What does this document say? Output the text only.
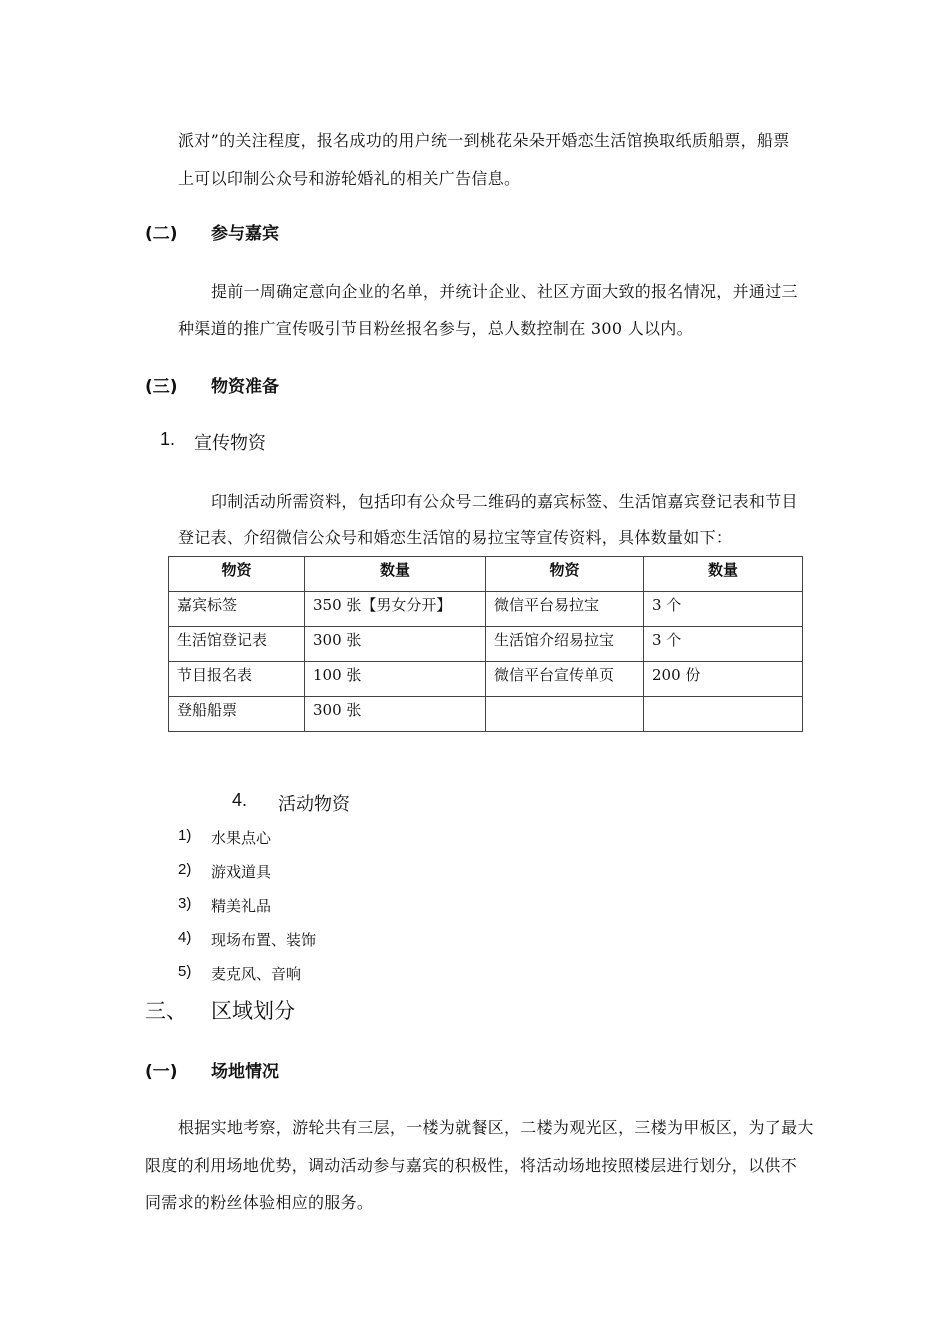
派对”的关注程度，报名成功的用户统一到桃花朵朵开婚恋生活馆换取纸质船票，船票
上可以印制公众号和游轮婚礼的相关广告信息。
(二) 参与嘉宾
提前一周确定意向企业的名单，并统计企业、社区方面大致的报名情况，并通过三
种渠道的推广宣传吸引节目粉丝报名参与，总人数控制在 300 人以内。
(三) 物资准备
1. 宣传物资
印制活动所需资料，包括印有公众号二维码的嘉宾标签、生活馆嘉宾登记表和节目
登记表、介绍微信公众号和婚恋生活馆的易拉宝等宣传资料，具体数量如下：
物资	数量	物资	数量
嘉宾标签	350 张【男女分开】	微信平台易拉宝	3 个
生活馆登记表	300 张	生活馆介绍易拉宝	3 个
节目报名表	100 张	微信平台宣传单页	200 份
登船船票	300 张		
4. 活动物资
1) 水果点心
2) 游戏道具
3) 精美礼品
4) 现场布置、装饰
5) 麦克风、音响
三、 区域划分
(一) 场地情况
根据实地考察，游轮共有三层，一楼为就餐区，二楼为观光区，三楼为甲板区，为了最大
限度的利用场地优势，调动活动参与嘉宾的积极性，将活动场地按照楼层进行划分，以供不
同需求的粉丝体验相应的服务。
